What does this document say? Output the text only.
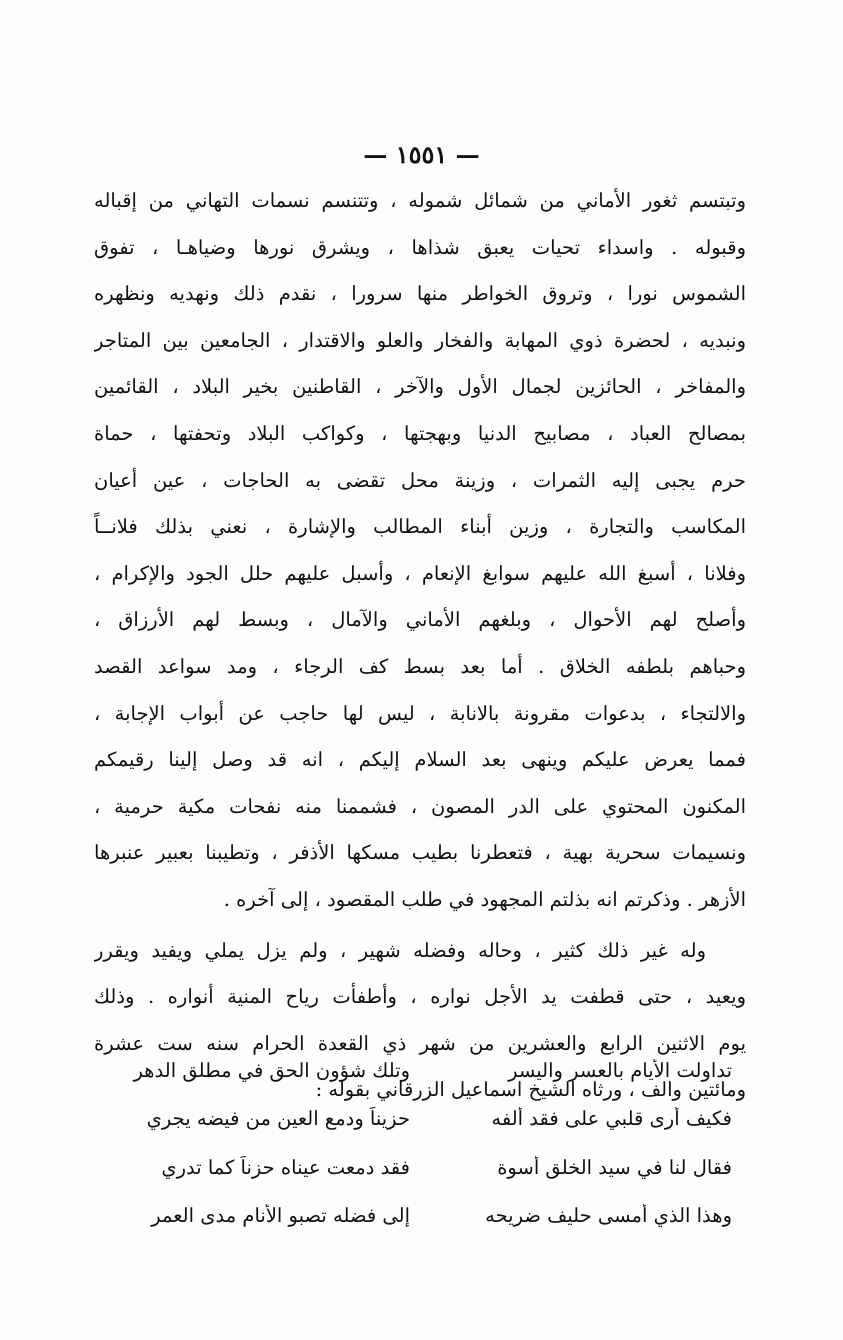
— ١٥٥١ —
وتبتسم ثغور الأماني من شمائل شموله ، وتتنسم نسمات التهاني من إقباله
وقبوله . واسداء تحيات يعبق شذاها ، ويشرق نورها وضياهـا ، تفوق
الشموس نورا ، وتروق الخواطر منها سرورا ، نقدم ذلك ونهديه ونظهره
ونبديه ، لحضرة ذوي المهابة والفخار والعلو والاقتدار ، الجامعين بين المتاجر
والمفاخر ، الحائزين لجمال الأول والآخر ، القاطنين بخير البلاد ، القائمين
بمصالح العباد ، مصابيح الدنيا وبهجتها ، وكواكب البلاد وتحفتها ، حماة
حرم يجبى إليه الثمرات ، وزينة محل تقضى به الحاجات ، عين أعيان
المكاسب والتجارة ، وزين أبناء المطالب والإشارة ، نعني بذلك فلانــاً
وفلانا ، أسبغ الله عليهم سوابغ الإنعام ، وأسبل عليهم حلل الجود والإكرام ،
وأصلح لهم الأحوال ، وبلغهم الأماني والآمال ، وبسط لهم الأرزاق ،
وحباهم بلطفه الخلاق . أما بعد بسط كف الرجاء ، ومد سواعد القصد
والالتجاء ، بدعوات مقرونة بالانابة ، ليس لها حاجب عن أبواب الإجابة ،
فمما يعرض عليكم وينهى بعد السلام إليكم ، انه قد وصل إلينا رقيمكم
المكنون المحتوي على الدر المصون ، فشممنا منه نفحات مكية حرمية ،
ونسيمات سحرية بهية ، فتعطرنا بطيب مسكها الأذفر ، وتطيبنا بعبير عنبرها
الأزهر . وذكرتم انه بذلتم المجهود في طلب المقصود ، إلى آخره .
وله غير ذلك كثير ، وحاله وفضله شهير ، ولم يزل يملي ويفيد ويقرر
ويعيد ، حتى قطفت يد الأجل نواره ، وأطفأت رياح المنية أنواره . وذلك
يوم الاثنين الرابع والعشرين من شهر ذي القعدة الحرام سنه ست عشرة
ومائتين والف ، ورثاه الشيخ اسماعيل الزرقاني بقوله :
تداولت الأيام بالعسر واليسر
وتلك شؤون الحق في مطلق الدهر
فكيف أرى قلبي على فقد ألفه
حزيناً ودمع العين من فيضه يجري
فقال لنا في سيد الخلق أسوة
فقد دمعت عيناه حزناً كما تدري
وهذا الذي أمسى حليف ضريحه
إلى فضله تصبو الأنام مدى العمر
